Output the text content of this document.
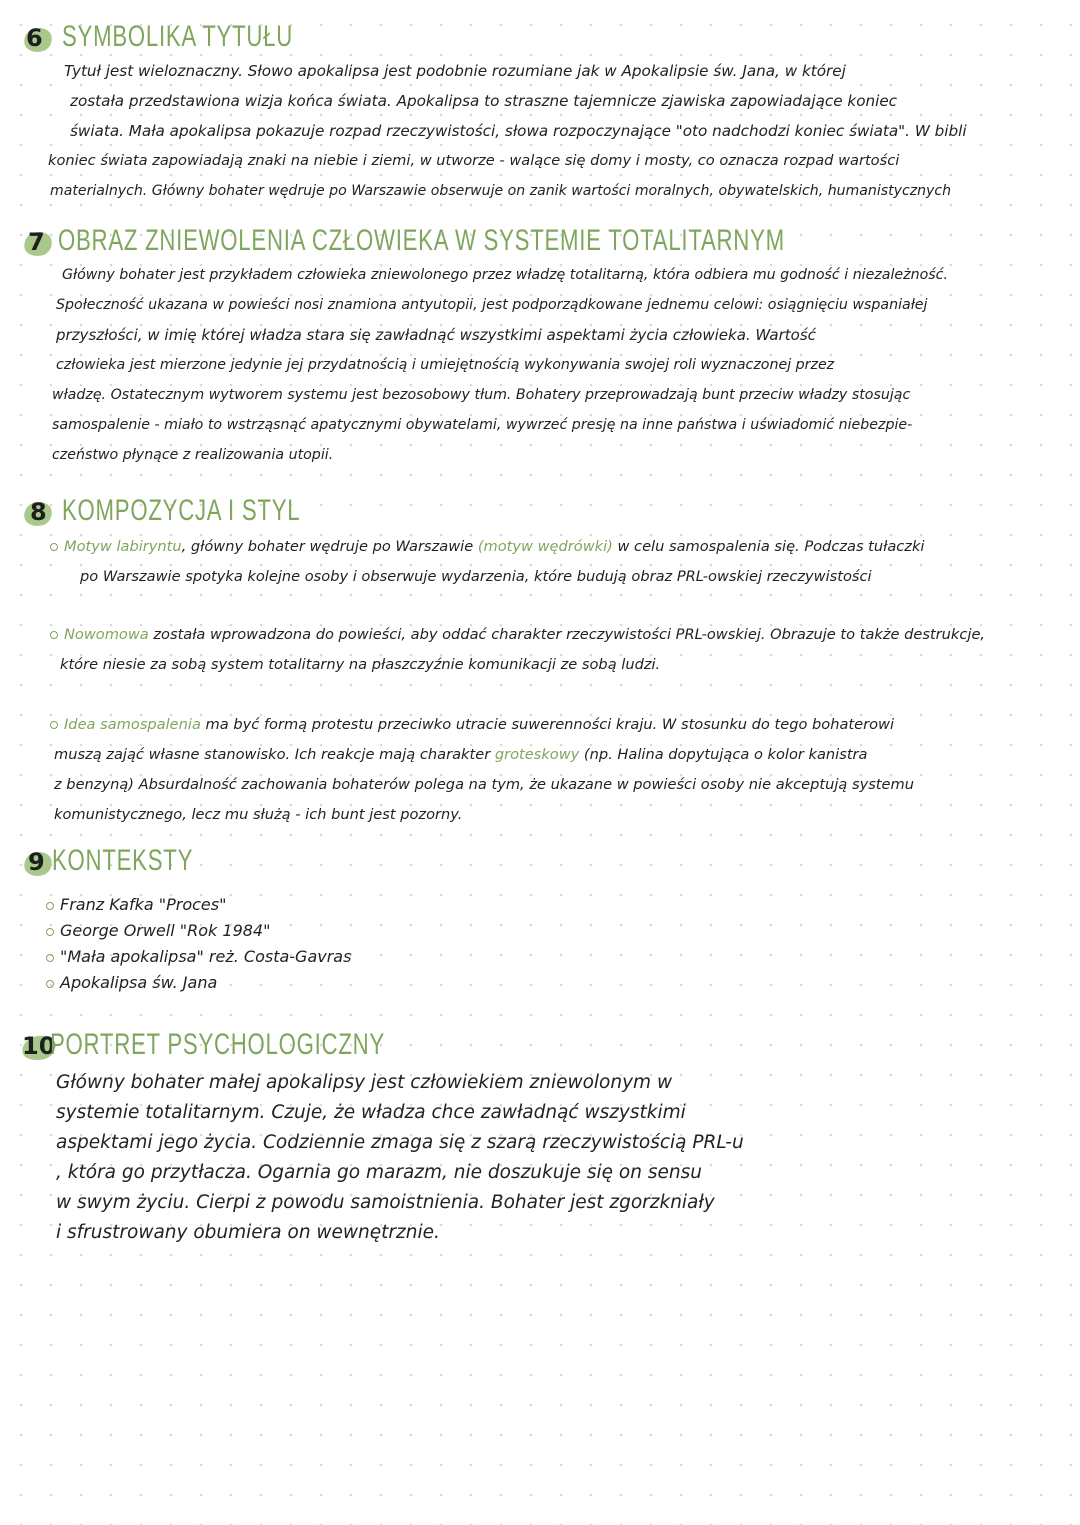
6 SYMBOLIKA TYTUŁU
Tytuł jest wieloznaczny. Słowo apokalipsa jest podobnie rozumiane jak w Apokalipsie św. Jana, w której
została przedstawiona wizja końca świata. Apokalipsa to straszne tajemnicze zjawiska zapowiadające koniec
świata. Mała apokalipsa pokazuje rozpad rzeczywistości, słowa rozpoczynające "oto nadchodzi koniec świata". W bibli
koniec świata zapowiadają znaki na niebie i ziemi, w utworze - walące się domy i mosty, co oznacza rozpad wartości
materialnych. Główny bohater wędruje po Warszawie obserwuje on zanik wartości moralnych, obywatelskich, humanistycznych
7 OBRAZ ZNIEWOLENIA CZŁOWIEKA W SYSTEMIE TOTALITARNYM
Główny bohater jest przykładem człowieka zniewolonego przez władzę totalitarną, która odbiera mu godność i niezależność.
Społeczność ukazana w powieści nosi znamiona antyutopii, jest podporządkowane jednemu celowi: osiągnięciu wspaniałej
przyszłości, w imię której władza stara się zawładnąć wszystkimi aspektami życia człowieka. Wartość
człowieka jest mierzone jedynie jej przydatnością i umiejętnością wykonywania swojej roli wyznaczonej przez
władzę. Ostatecznym wytworem systemu jest bezosobowy tłum. Bohatery przeprowadzają bunt przeciw władzy stosując
samospalenie - miało to wstrząsnąć apatycznymi obywatelami, wywrzeć presję na inne państwa i uświadomić niebezpie-
czeństwo płynące z realizowania utopii.
8 KOMPOZYCJA I STYL
Motyw labiryntu, główny bohater wędruje po Warszawie (motyw wędrówki) w celu samospalenia się. Podczas tułaczki
po Warszawie spotyka kolejne osoby i obserwuje wydarzenia, które budują obraz PRL-owskiej rzeczywistości
Nowomowa została wprowadzona do powieści, aby oddać charakter rzeczywistości PRL-owskiej. Obrazuje to także destrukcje,
które niesie za sobą system totalitarny na płaszczyźnie komunikacji ze sobą ludzi.
Idea samospalenia ma być formą protestu przeciwko utracie suwerenności kraju. W stosunku do tego bohaterowi
muszą zająć własne stanowisko. Ich reakcje mają charakter groteskowy (np. Halina dopytująca o kolor kanistra
z benzyną) Absurdalność zachowania bohaterów polega na tym, że ukazane w powieści osoby nie akceptują systemu
komunistycznego, lecz mu służą - ich bunt jest pozorny.
9 KONTEKSTY
Franz Kafka "Proces"
George Orwell "Rok 1984"
"Mała apokalipsa" reż. Costa-Gavras
Apokalipsa św. Jana
10
PORTRET PSYCHOLOGICZNY
Główny bohater małej apokalipsy jest człowiekiem zniewolonym w
systemie totalitarnym. Czuje, że władza chce zawładnąć wszystkimi
aspektami jego życia. Codziennie zmaga się z szarą rzeczywistością PRL-u
, która go przytłacza. Ogarnia go marazm, nie doszukuje się on sensu
w swym życiu. Cierpi z powodu samoistnienia. Bohater jest zgorzkniały
i sfrustrowany obumiera on wewnętrznie.
